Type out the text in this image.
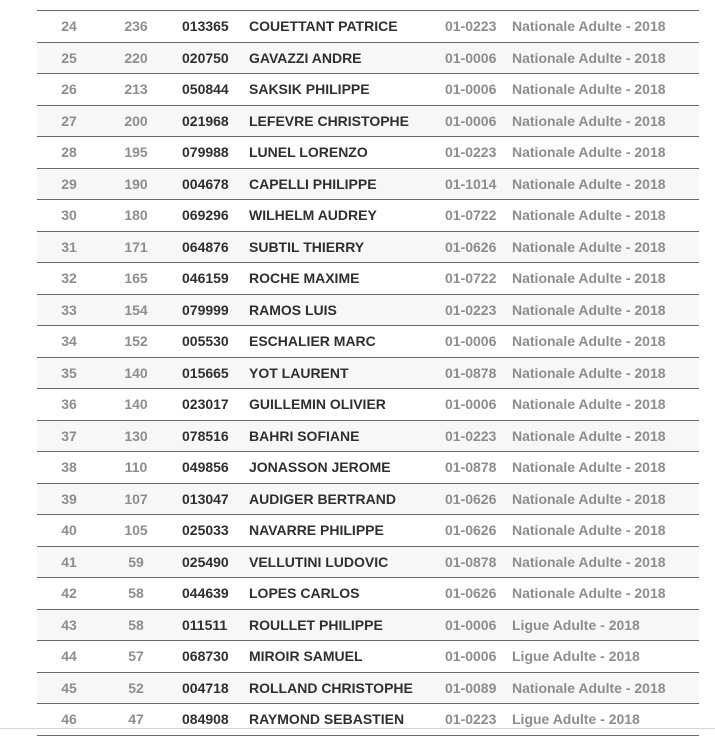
24	236	013365 COUETTANT PATRICE	01-0223 Nationale Adulte - 2018
25	220	020750 GAVAZZI ANDRE	01-0006 Nationale Adulte - 2018
26	213	050844 SAKSIK PHILIPPE	01-0006 Nationale Adulte - 2018
27	200	021968 LEFEVRE CHRISTOPHE	01-0006 Nationale Adulte - 2018
28	195	079988 LUNEL LORENZO	01-0223 Nationale Adulte - 2018
29	190	004678 CAPELLI PHILIPPE	01-1014 Nationale Adulte - 2018
30	180	069296 WILHELM AUDREY	01-0722 Nationale Adulte - 2018
31	171	064876 SUBTIL THIERRY	01-0626 Nationale Adulte - 2018
32	165	046159 ROCHE MAXIME	01-0722 Nationale Adulte - 2018
33	154	079999 RAMOS LUIS	01-0223 Nationale Adulte - 2018
34	152	005530 ESCHALIER MARC	01-0006 Nationale Adulte - 2018
35	140	015665 YOT LAURENT	01-0878 Nationale Adulte - 2018
36	140	023017 GUILLEMIN OLIVIER	01-0006 Nationale Adulte - 2018
37	130	078516 BAHRI SOFIANE	01-0223 Nationale Adulte - 2018
38	110	049856 JONASSON JEROME	01-0878 Nationale Adulte - 2018
39	107	013047 AUDIGER BERTRAND	01-0626 Nationale Adulte - 2018
40	105	025033 NAVARRE PHILIPPE	01-0626 Nationale Adulte - 2018
41	59	025490 VELLUTINI LUDOVIC	01-0878 Nationale Adulte - 2018
42	58	044639 LOPES CARLOS	01-0626 Nationale Adulte - 2018
43	58	011511 ROULLET PHILIPPE	01-0006 Ligue Adulte - 2018
44	57	068730 MIROIR SAMUEL	01-0006 Ligue Adulte - 2018
45	52	004718 ROLLAND CHRISTOPHE 01-0089 Nationale Adulte - 2018
46	47	084908 RAYMOND SEBASTIEN	01-0223 Ligue Adulte - 2018
